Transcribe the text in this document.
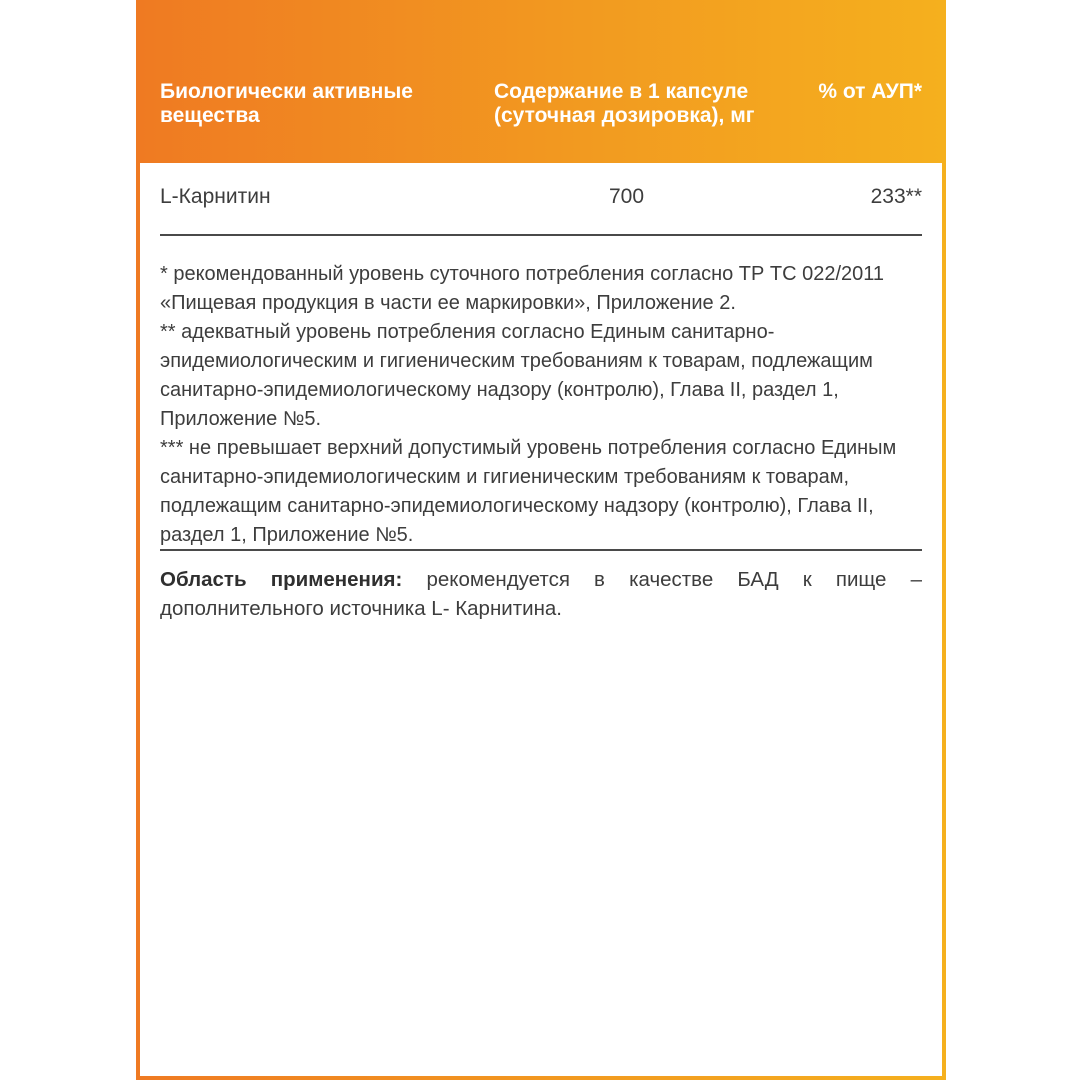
Биологически активные вещества
Содержание в 1 капсуле (суточная дозировка), мг
% от АУП*
L-Карнитин	700	233**

* рекомендованный уровень суточного потребления согласно ТР ТС 022/2011 «Пищевая продукция в части ее маркировки», Приложение 2.

** адекватный уровень потребления согласно Единым санитарно-эпидемиологическим и гигиеническим требованиям к товарам, подлежащим санитарно-эпидемиологическому надзору (контролю), Глава II, раздел 1, Приложение №5.

*** не превышает верхний допустимый уровень потребления согласно Единым санитарно-эпидемиологическим и гигиеническим требованиям к товарам, подлежащим санитарно-эпидемиологическому надзору (контролю), Глава II, раздел 1, Приложение №5.

Область применения: рекомендуется в качестве БАД к пище – дополнительного источника L- Карнитина.
